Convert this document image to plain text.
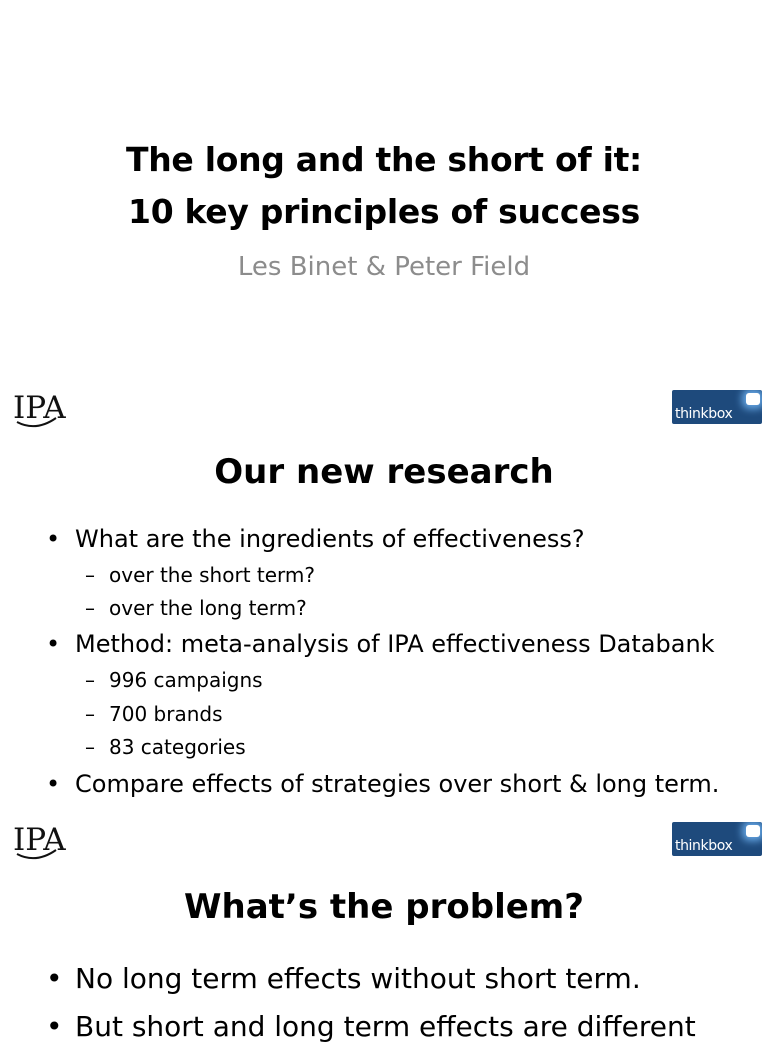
The long and the short of it:
10 key principles of success
Les Binet & Peter Field
IPA	thinkbox
Our new research
• What are the ingredients of effectiveness?
– over the short term?
– over the long term?
• Method: meta-analysis of IPA effectiveness Databank
– 996 campaigns
– 700 brands
– 83 categories
• Compare effects of strategies over short & long term.
IPA	thinkbox
What’s the problem?
• No long term effects without short term.
• But short and long term effects are different
